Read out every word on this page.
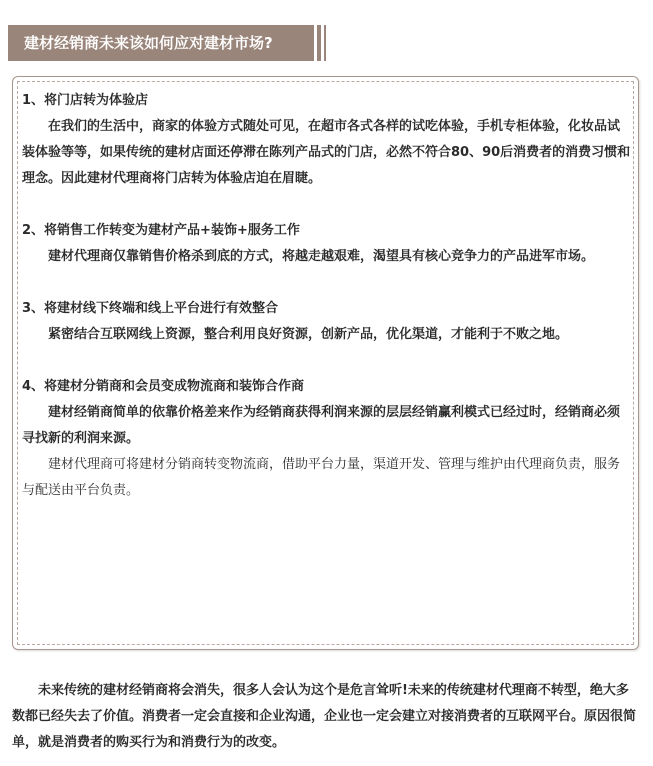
建材经销商未来该如何应对建材市场?

1、将门店转为体验店

在我们的生活中，商家的体验方式随处可见，在超市各式各样的试吃体验，手机专柜体验，化妆品试装体验等等，如果传统的建材店面还停滞在陈列产品式的门店，必然不符合80、90后消费者的消费习惯和理念。因此建材代理商将门店转为体验店迫在眉睫。

2、将销售工作转变为建材产品+装饰+服务工作

建材代理商仅靠销售价格杀到底的方式，将越走越艰难，渴望具有核心竞争力的产品进军市场。

3、将建材线下终端和线上平台进行有效整合

紧密结合互联网线上资源，整合利用良好资源，创新产品，优化渠道，才能利于不败之地。

4、将建材分销商和会员变成物流商和装饰合作商

建材经销商简单的依靠价格差来作为经销商获得利润来源的层层经销赢利模式已经过时，经销商必须寻找新的利润来源。

建材代理商可将建材分销商转变物流商，借助平台力量，渠道开发、管理与维护由代理商负责，服务与配送由平台负责。

未来传统的建材经销商将会消失，很多人会认为这个是危言耸听!未来的传统建材代理商不转型，绝大多数都已经失去了价值。消费者一定会直接和企业沟通，企业也一定会建立对接消费者的互联网平台。原因很简单，就是消费者的购买行为和消费行为的改变。
